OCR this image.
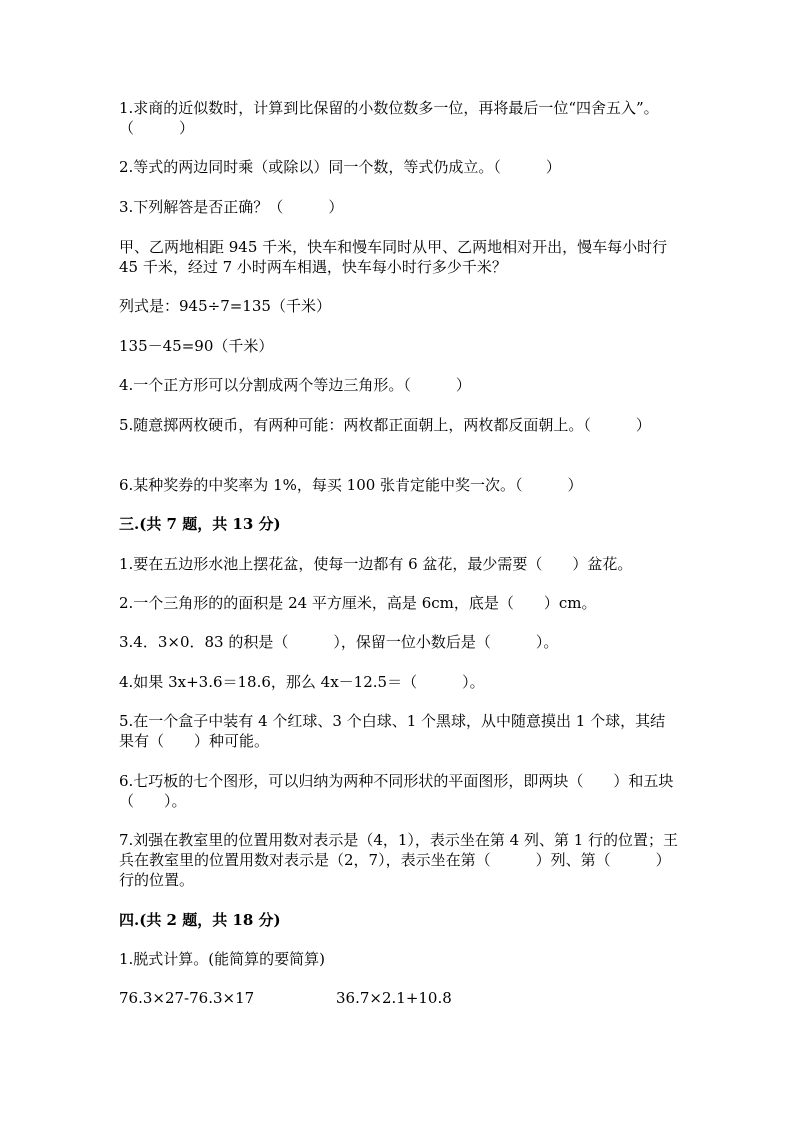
1.求商的近似数时，计算到比保留的小数位数多一位，再将最后一位“四舍五入”。（　　　）
2.等式的两边同时乘（或除以）同一个数，等式仍成立。（　　　）
3.下列解答是否正确？（　　　）
甲、乙两地相距 945 千米，快车和慢车同时从甲、乙两地相对开出，慢车每小时行 45 千米，经过 7 小时两车相遇，快车每小时行多少千米？
列式是：945÷7=135（千米）
135－45=90（千米）
4.一个正方形可以分割成两个等边三角形。（　　　）
5.随意掷两枚硬币，有两种可能：两枚都正面朝上，两枚都反面朝上。（　　　）
6.某种奖券的中奖率为 1%，每买 100 张肯定能中奖一次。（　　　）
三.(共 7 题，共 13 分)
1.要在五边形水池上摆花盆，使每一边都有 6 盆花，最少需要（　　）盆花。
2.一个三角形的的面积是 24 平方厘米，高是 6cm，底是（　　）cm。
3.4．3×0．83 的积是（　　　），保留一位小数后是（　　　）。
4.如果 3x+3.6＝18.6，那么 4x－12.5＝（　　　）。
5.在一个盒子中装有 4 个红球、3 个白球、1 个黑球，从中随意摸出 1 个球，其结果有（　　）种可能。
6.七巧板的七个图形，可以归纳为两种不同形状的平面图形，即两块（　　）和五块（　　）。
7.刘强在教室里的位置用数对表示是（4，1），表示坐在第 4 列、第 1 行的位置；王兵在教室里的位置用数对表示是（2，7），表示坐在第（　　　）列、第（　　　）行的位置。
四.(共 2 题，共 18 分)
1.脱式计算。(能简算的要简算)
76.3×27-76.3×17	36.7×2.1+10.8
